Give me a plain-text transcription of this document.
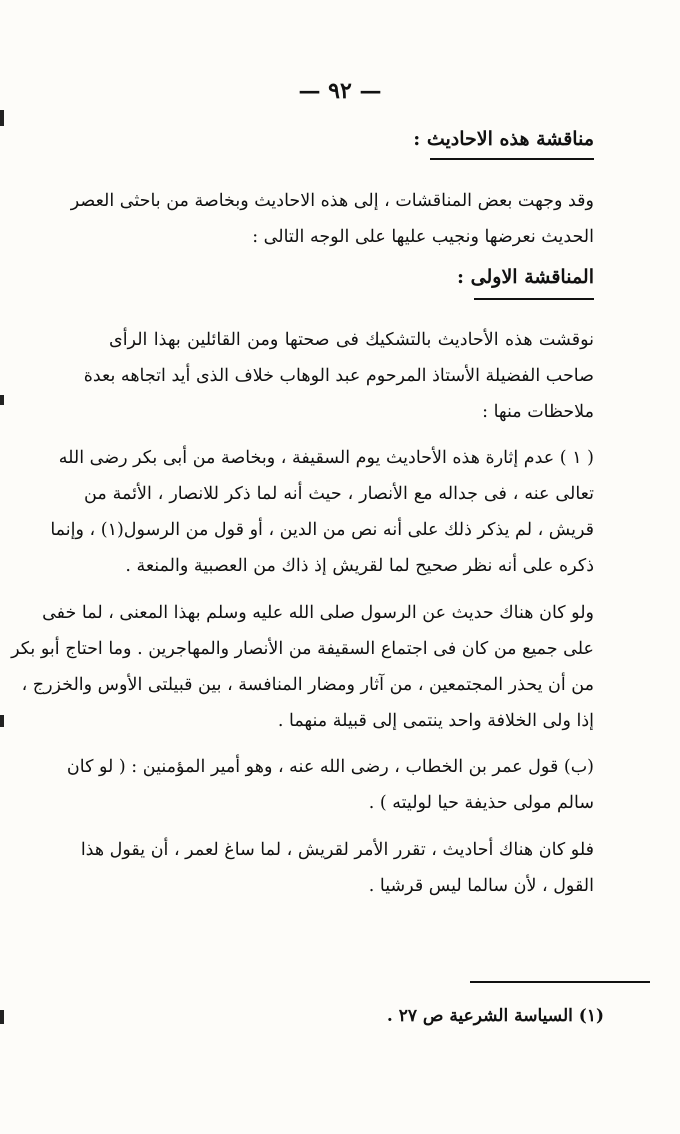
— ٩٢ —
مناقشة هذه الاحاديث :
وقد وجهت بعض المناقشات ، إلى هذه الاحاديث وبخاصة من باحثى العصر
الحديث نعرضها ونجيب عليها على الوجه التالى :
المناقشة الاولى :
نوقشت هذه الأحاديث بالتشكيك فى صحتها ومن القائلين بهذا الرأى
صاحب الفضيلة الأستاذ المرحوم عبد الوهاب خلاف الذى أيد اتجاهه بعدة
ملاحظات منها :
( ١ ) عدم إثارة هذه الأحاديث يوم السقيفة ، وبخاصة من أبى بكر رضى الله
تعالى عنه ، فى جداله مع الأنصار ، حيث أنه لما ذكر للانصار ، الأئمة من
قريش ، لم يذكر ذلك على أنه نص من الدين ، أو قول من الرسول(١) ، وإنما
ذكره على أنه نظر صحيح لما لقريش إذ ذاك من العصبية والمنعة .
ولو كان هناك حديث عن الرسول صلى الله عليه وسلم بهذا المعنى ، لما خفى
على جميع من كان فى اجتماع السقيفة من الأنصار والمهاجرين . وما احتاج أبو بكر
من أن يحذر المجتمعين ، من آثار ومضار المنافسة ، بين قبيلتى الأوس والخزرج ،
إذا ولى الخلافة واحد ينتمى إلى قبيلة منهما .
(ب) قول عمر بن الخطاب ، رضى الله عنه ، وهو أمير المؤمنين : ( لو كان
سالم مولى حذيفة حيا لوليته ) .
فلو كان هناك أحاديث ، تقرر الأمر لقريش ، لما ساغ لعمر ، أن يقول هذا
القول ، لأن سالما ليس قرشيا .
(١) السياسة الشرعية ص ٢٧ .
